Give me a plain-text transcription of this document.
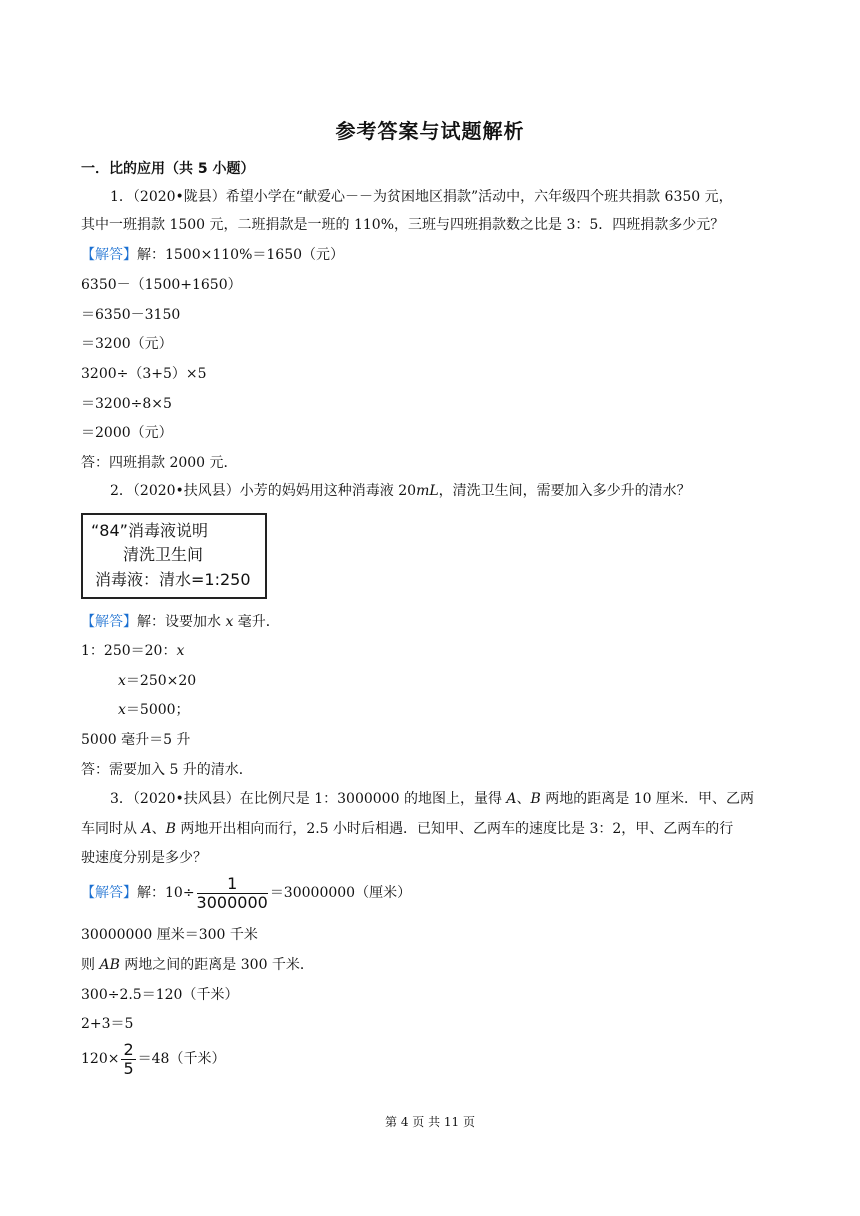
参考答案与试题解析
一．比的应用（共 5 小题）
1．（2020•陇县）希望小学在“献爱心－－为贫困地区捐款”活动中，六年级四个班共捐款 6350 元，
其中一班捐款 1500 元，二班捐款是一班的 110%，三班与四班捐款数之比是 3：5．四班捐款多少元？
【解答】解：1500×110%＝1650（元）
6350－（1500+1650）
＝6350－3150
＝3200（元）
3200÷（3+5）×5
＝3200÷8×5
＝2000（元）
答：四班捐款 2000 元．
2．（2020•扶风县）小芳的妈妈用这种消毒液 20mL，清洗卫生间，需要加入多少升的清水？
“84”消毒液说明
清洗卫生间
消毒液：清水=1:250
【解答】解：设要加水 x 毫升．
1：250＝20：x
x＝250×20
x＝5000；
5000 毫升＝5 升
答：需要加入 5 升的清水．
3．（2020•扶风县）在比例尺是 1：3000000 的地图上，量得 A、B 两地的距离是 10 厘米．甲、乙两
车同时从 A、B 两地开出相向而行，2.5 小时后相遇．已知甲、乙两车的速度比是 3：2，甲、乙两车的行
驶速度分别是多少？
【解答】解：$10\div \frac{1}{3000000} =30000000$（厘米）
30000000 厘米＝300 千米
则 AB 两地之间的距离是 300 千米．
300÷2.5＝120（千米）
2+3＝5
$120\times \frac{2}{5} =48$（千米）
第 4 页 共 11 页
